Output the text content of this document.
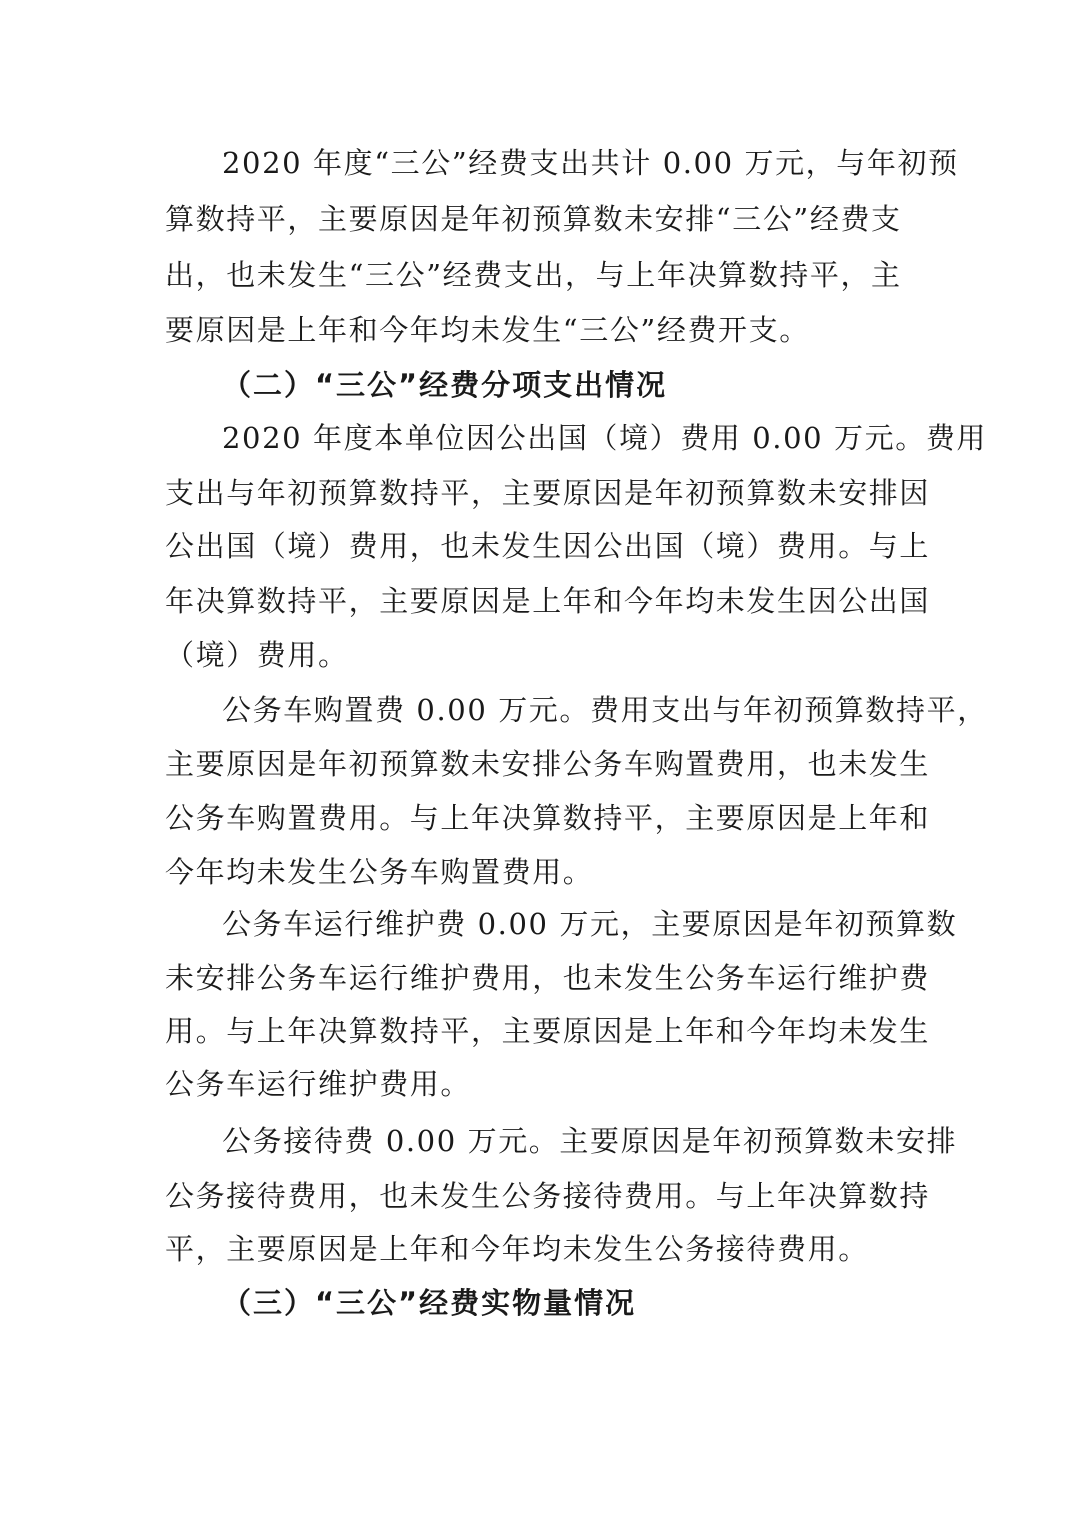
2020 年度“三公”经费支出共计 0.00 万元，与年初预

算数持平，主要原因是年初预算数未安排“三公”经费支

出，也未发生“三公”经费支出，与上年决算数持平，主

要原因是上年和今年均未发生“三公”经费开支。

（二）“三公”经费分项支出情况

2020 年度本单位因公出国（境）费用 0.00 万元。费用

支出与年初预算数持平，主要原因是年初预算数未安排因

公出国（境）费用，也未发生因公出国（境）费用。与上

年决算数持平，主要原因是上年和今年均未发生因公出国

（境）费用。

公务车购置费 0.00 万元。费用支出与年初预算数持平，

主要原因是年初预算数未安排公务车购置费用，也未发生

公务车购置费用。与上年决算数持平，主要原因是上年和

今年均未发生公务车购置费用。

公务车运行维护费 0.00 万元，主要原因是年初预算数

未安排公务车运行维护费用，也未发生公务车运行维护费

用。与上年决算数持平，主要原因是上年和今年均未发生

公务车运行维护费用。

公务接待费 0.00 万元。主要原因是年初预算数未安排

公务接待费用，也未发生公务接待费用。与上年决算数持

平，主要原因是上年和今年均未发生公务接待费用。

（三）“三公”经费实物量情况
